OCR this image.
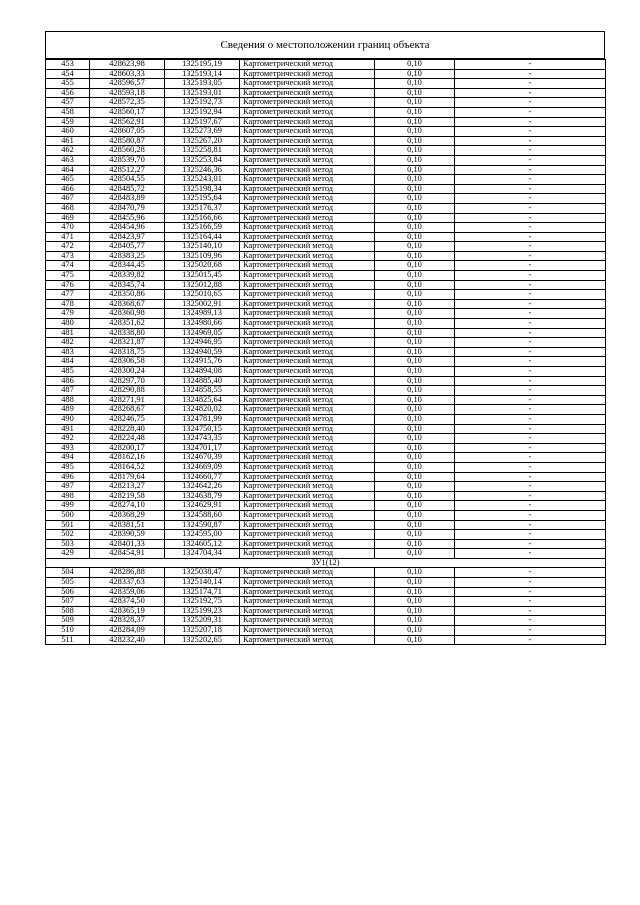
Сведения о местоположении границ объекта
453	428623,98	1325195,19	Картометрический метод	0,10	-
454	428603,33	1325193,14	Картометрический метод	0,10	-
455	428596,57	1325193,05	Картометрический метод	0,10	-
456	428593,18	1325193,01	Картометрический метод	0,10	-
457	428572,35	1325192,73	Картометрический метод	0,10	-
458	428560,17	1325192,94	Картометрический метод	0,10	-
459	428562,91	1325197,67	Картометрический метод	0,10	-
460	428607,05	1325273,69	Картометрический метод	0,10	-
461	428580,87	1325267,20	Картометрический метод	0,10	-
462	428560,28	1325258,81	Картометрический метод	0,10	-
463	428539,70	1325253,84	Картометрический метод	0,10	-
464	428512,27	1325246,36	Картометрический метод	0,10	-
465	428504,55	1325243,01	Картометрический метод	0,10	-
466	428485,72	1325198,34	Картометрический метод	0,10	-
467	428483,89	1325195,64	Картометрический метод	0,10	-
468	428470,79	1325176,37	Картометрический метод	0,10	-
469	428455,96	1325166,66	Картометрический метод	0,10	-
470	428454,96	1325166,59	Картометрический метод	0,10	-
471	428423,97	1325164,44	Картометрический метод	0,10	-
472	428405,77	1325140,10	Картометрический метод	0,10	-
473	428383,25	1325109,96	Картометрический метод	0,10	-
474	428344,45	1325020,68	Картометрический метод	0,10	-
475	428339,82	1325015,45	Картометрический метод	0,10	-
476	428345,74	1325012,88	Картометрический метод	0,10	-
477	428350,86	1325010,65	Картометрический метод	0,10	-
478	428368,67	1325002,91	Картометрический метод	0,10	-
479	428360,98	1324989,13	Картометрический метод	0,10	-
480	428351,62	1324980,66	Картометрический метод	0,10	-
481	428338,80	1324969,05	Картометрический метод	0,10	-
482	428321,87	1324946,95	Картометрический метод	0,10	-
483	428318,75	1324940,59	Картометрический метод	0,10	-
484	428306,58	1324915,76	Картометрический метод	0,10	-
485	428300,24	1324894,08	Картометрический метод	0,10	-
486	428297,70	1324885,40	Картометрический метод	0,10	-
487	428290,88	1324858,55	Картометрический метод	0,10	-
488	428271,91	1324825,64	Картометрический метод	0,10	-
489	428268,67	1324820,02	Картометрический метод	0,10	-
490	428246,75	1324781,99	Картометрический метод	0,10	-
491	428228,40	1324750,15	Картометрический метод	0,10	-
492	428224,48	1324743,35	Картометрический метод	0,10	-
493	428200,17	1324701,17	Картометрический метод	0,10	-
494	428162,16	1324670,39	Картометрический метод	0,10	-
495	428164,52	1324669,09	Картометрический метод	0,10	-
496	428179,64	1324660,77	Картометрический метод	0,10	-
497	428213,27	1324642,26	Картометрический метод	0,10	-
498	428219,58	1324638,79	Картометрический метод	0,10	-
499	428274,10	1324629,91	Картометрический метод	0,10	-
500	428368,29	1324588,60	Картометрический метод	0,10	-
501	428381,51	1324590,87	Картометрический метод	0,10	-
502	428390,59	1324595,00	Картометрический метод	0,10	-
503	428401,33	1324605,12	Картометрический метод	0,10	-
429	428454,91	1324704,34	Картометрический метод	0,10	-
ЗУ1(12)					
504	428286,88	1325038,47	Картометрический метод	0,10	-
505	428337,63	1325140,14	Картометрический метод	0,10	-
506	428359,06	1325174,71	Картометрический метод	0,10	-
507	428374,50	1325192,75	Картометрический метод	0,10	-
508	428365,19	1325199,23	Картометрический метод	0,10	-
509	428328,37	1325209,31	Картометрический метод	0,10	-
510	428284,09	1325207,18	Картометрический метод	0,10	-
511	428232,40	1325202,65	Картометрический метод	0,10	-
